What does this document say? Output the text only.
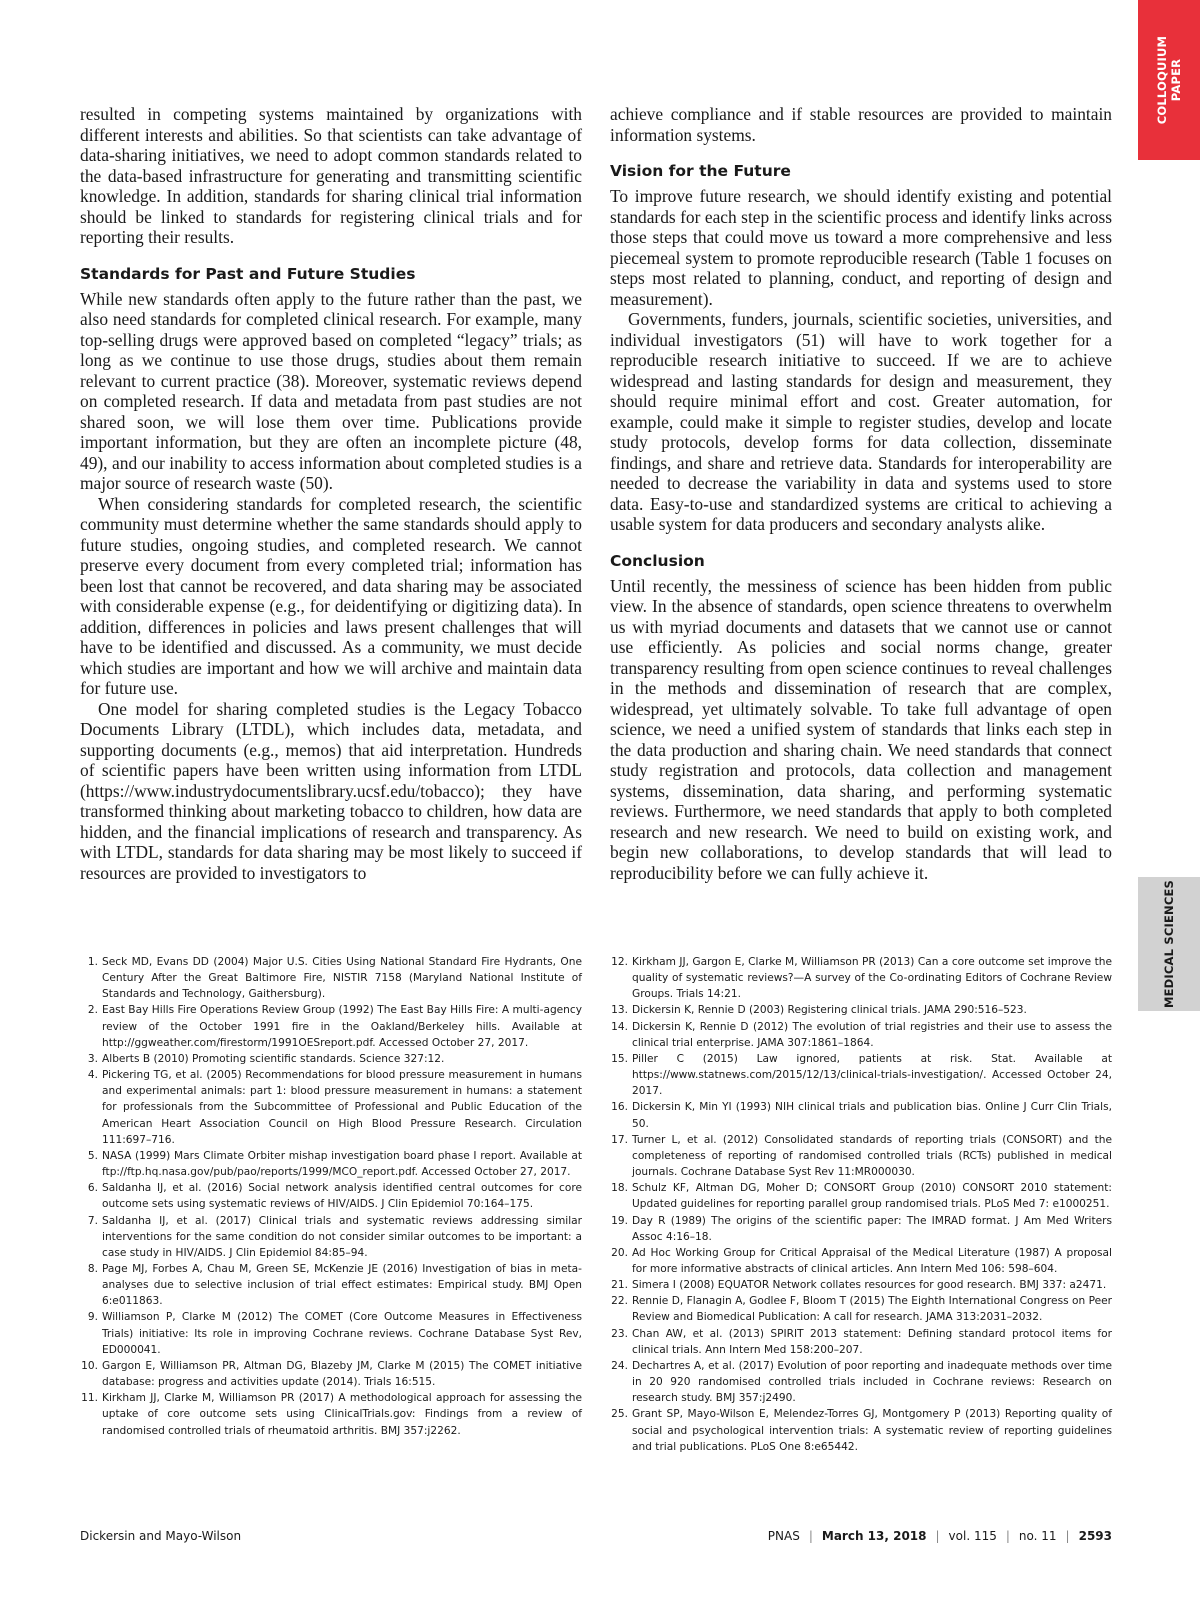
COLLOQUIUM
PAPER
MEDICAL SCIENCES

resulted in competing systems maintained by organizations with different interests and abilities. So that scientists can take advantage of data-sharing initiatives, we need to adopt common standards related to the data-based infrastructure for generating and transmitting scientific knowledge. In addition, standards for sharing clinical trial information should be linked to standards for registering clinical trials and for reporting their results.

Standards for Past and Future Studies

While new standards often apply to the future rather than the past, we also need standards for completed clinical research. For example, many top-selling drugs were approved based on completed “legacy” trials; as long as we continue to use those drugs, studies about them remain relevant to current practice (38). Moreover, systematic reviews depend on completed research. If data and metadata from past studies are not shared soon, we will lose them over time. Publications provide important information, but they are often an incomplete picture (48, 49), and our inability to access information about completed studies is a major source of research waste (50).

When considering standards for completed research, the scientific community must determine whether the same standards should apply to future studies, ongoing studies, and completed research. We cannot preserve every document from every completed trial; information has been lost that cannot be recovered, and data sharing may be associated with considerable expense (e.g., for deidentifying or digitizing data). In addition, differences in policies and laws present challenges that will have to be identified and discussed. As a community, we must decide which studies are important and how we will archive and maintain data for future use.

One model for sharing completed studies is the Legacy Tobacco Documents Library (LTDL), which includes data, metadata, and supporting documents (e.g., memos) that aid interpretation. Hundreds of scientific papers have been written using information from LTDL (https://www.industrydocumentslibrary.ucsf.edu/tobacco); they have transformed thinking about marketing tobacco to children, how data are hidden, and the financial implications of research and transparency. As with LTDL, standards for data sharing may be most likely to succeed if resources are provided to investigators to

achieve compliance and if stable resources are provided to maintain information systems.

Vision for the Future

To improve future research, we should identify existing and potential standards for each step in the scientific process and identify links across those steps that could move us toward a more comprehensive and less piecemeal system to promote reproducible research (Table 1 focuses on steps most related to planning, conduct, and reporting of design and measurement).

Governments, funders, journals, scientific societies, universities, and individual investigators (51) will have to work together for a reproducible research initiative to succeed. If we are to achieve widespread and lasting standards for design and measurement, they should require minimal effort and cost. Greater automation, for example, could make it simple to register studies, develop and locate study protocols, develop forms for data collection, disseminate findings, and share and retrieve data. Standards for interoperability are needed to decrease the variability in data and systems used to store data. Easy-to-use and standardized systems are critical to achieving a usable system for data producers and secondary analysts alike.

Conclusion

Until recently, the messiness of science has been hidden from public view. In the absence of standards, open science threatens to overwhelm us with myriad documents and datasets that we cannot use or cannot use efficiently. As policies and social norms change, greater transparency resulting from open science continues to reveal challenges in the methods and dissemination of research that are complex, widespread, yet ultimately solvable. To take full advantage of open science, we need a unified system of standards that links each step in the data production and sharing chain. We need standards that connect study registration and protocols, data collection and management systems, dissemination, data sharing, and performing systematic reviews. Furthermore, we need standards that apply to both completed research and new research. We need to build on existing work, and begin new collaborations, to develop standards that will lead to reproducibility before we can fully achieve it.

1. Seck MD, Evans DD (2004) Major U.S. Cities Using National Standard Fire Hydrants, One Century After the Great Baltimore Fire, NISTIR 7158 (Maryland National Institute of Standards and Technology, Gaithersburg).
2. East Bay Hills Fire Operations Review Group (1992) The East Bay Hills Fire: A multi-agency review of the October 1991 fire in the Oakland/Berkeley hills. Available at http://ggweather.com/firestorm/1991OESreport.pdf. Accessed October 27, 2017.
3. Alberts B (2010) Promoting scientific standards. Science 327:12.
4. Pickering TG, et al. (2005) Recommendations for blood pressure measurement in humans and experimental animals: part 1: blood pressure measurement in humans: a statement for professionals from the Subcommittee of Professional and Public Education of the American Heart Association Council on High Blood Pressure Research. Circulation 111:697–716.
5. NASA (1999) Mars Climate Orbiter mishap investigation board phase I report. Available at ftp://ftp.hq.nasa.gov/pub/pao/reports/1999/MCO_report.pdf. Accessed October 27, 2017.
6. Saldanha IJ, et al. (2016) Social network analysis identified central outcomes for core outcome sets using systematic reviews of HIV/AIDS. J Clin Epidemiol 70:164–175.
7. Saldanha IJ, et al. (2017) Clinical trials and systematic reviews addressing similar interventions for the same condition do not consider similar outcomes to be important: a case study in HIV/AIDS. J Clin Epidemiol 84:85–94.
8. Page MJ, Forbes A, Chau M, Green SE, McKenzie JE (2016) Investigation of bias in meta-analyses due to selective inclusion of trial effect estimates: Empirical study. BMJ Open 6:e011863.
9. Williamson P, Clarke M (2012) The COMET (Core Outcome Measures in Effectiveness Trials) initiative: Its role in improving Cochrane reviews. Cochrane Database Syst Rev, ED000041.
10. Gargon E, Williamson PR, Altman DG, Blazeby JM, Clarke M (2015) The COMET initiative database: progress and activities update (2014). Trials 16:515.
11. Kirkham JJ, Clarke M, Williamson PR (2017) A methodological approach for assessing the uptake of core outcome sets using ClinicalTrials.gov: Findings from a review of randomised controlled trials of rheumatoid arthritis. BMJ 357:j2262.
12. Kirkham JJ, Gargon E, Clarke M, Williamson PR (2013) Can a core outcome set improve the quality of systematic reviews?—A survey of the Co-ordinating Editors of Cochrane Review Groups. Trials 14:21.
13. Dickersin K, Rennie D (2003) Registering clinical trials. JAMA 290:516–523.
14. Dickersin K, Rennie D (2012) The evolution of trial registries and their use to assess the clinical trial enterprise. JAMA 307:1861–1864.
15. Piller C (2015) Law ignored, patients at risk. Stat. Available at https://www.statnews.com/2015/12/13/clinical-trials-investigation/. Accessed October 24, 2017.
16. Dickersin K, Min YI (1993) NIH clinical trials and publication bias. Online J Curr Clin Trials, 50.
17. Turner L, et al. (2012) Consolidated standards of reporting trials (CONSORT) and the completeness of reporting of randomised controlled trials (RCTs) published in medical journals. Cochrane Database Syst Rev 11:MR000030.
18. Schulz KF, Altman DG, Moher D; CONSORT Group (2010) CONSORT 2010 statement: Updated guidelines for reporting parallel group randomised trials. PLoS Med 7: e1000251.
19. Day R (1989) The origins of the scientific paper: The IMRAD format. J Am Med Writers Assoc 4:16–18.
20. Ad Hoc Working Group for Critical Appraisal of the Medical Literature (1987) A proposal for more informative abstracts of clinical articles. Ann Intern Med 106: 598–604.
21. Simera I (2008) EQUATOR Network collates resources for good research. BMJ 337: a2471.
22. Rennie D, Flanagin A, Godlee F, Bloom T (2015) The Eighth International Congress on Peer Review and Biomedical Publication: A call for research. JAMA 313:2031–2032.
23. Chan AW, et al. (2013) SPIRIT 2013 statement: Defining standard protocol items for clinical trials. Ann Intern Med 158:200–207.
24. Dechartres A, et al. (2017) Evolution of poor reporting and inadequate methods over time in 20 920 randomised controlled trials included in Cochrane reviews: Research on research study. BMJ 357:j2490.
25. Grant SP, Mayo-Wilson E, Melendez-Torres GJ, Montgomery P (2013) Reporting quality of social and psychological intervention trials: A systematic review of reporting guidelines and trial publications. PLoS One 8:e65442.
Dickersin and Mayo-Wilson	PNAS | March 13, 2018 | vol. 115 | no. 11 | 2593
